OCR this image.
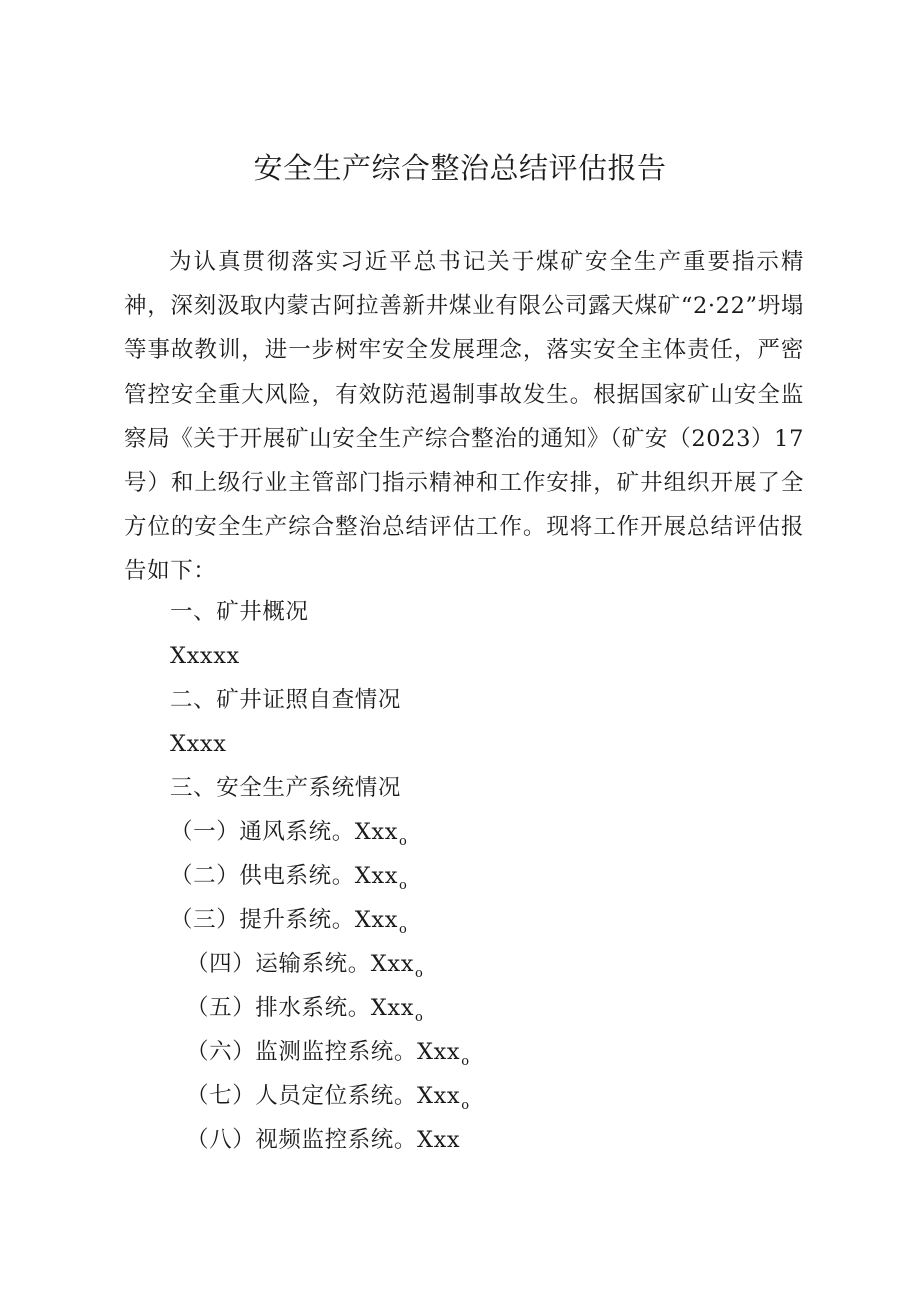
安全生产综合整治总结评估报告

为认真贯彻落实习近平总书记关于煤矿安全生产重要指示精神，深刻汲取内蒙古阿拉善新井煤业有限公司露天煤矿“2·22”坍塌等事故教训，进一步树牢安全发展理念，落实安全主体责任，严密管控安全重大风险，有效防范遏制事故发生。根据国家矿山安全监察局《关于开展矿山安全生产综合整治的通知》（矿安（2023）17号）和上级行业主管部门指示精神和工作安排，矿井组织开展了全方位的安全生产综合整治总结评估工作。现将工作开展总结评估报告如下：

一、矿井概况

Xxxxx

二、矿井证照自查情况

Xxxx

三、安全生产系统情况

（一）通风系统。Xxx$_o$

（二）供电系统。Xxx$_o$

（三）提升系统。Xxx$_o$

（四）运输系统。Xxx$_o$

（五）排水系统。Xxx$_o$

（六）监测监控系统。Xxx$_o$

（七）人员定位系统。Xxx$_o$

（八）视频监控系统。Xxx
